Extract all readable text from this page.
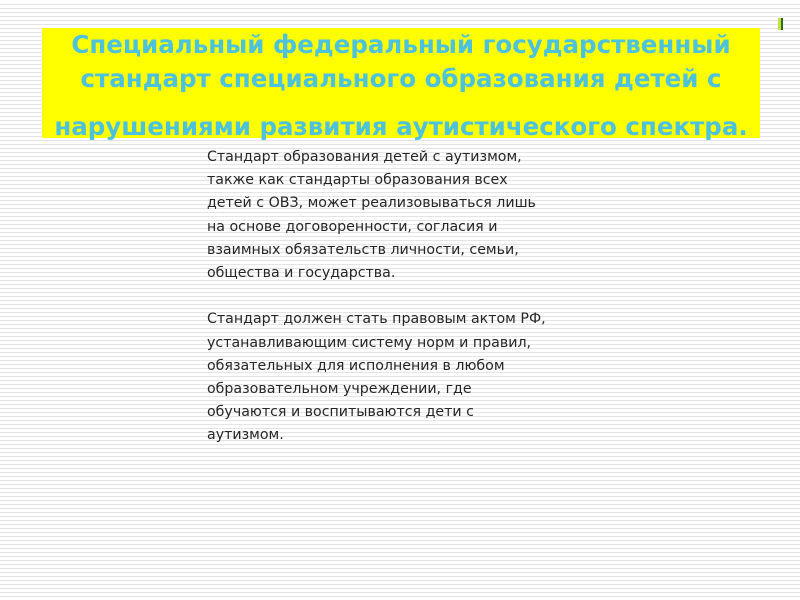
Специальный федеральный государственный
стандарт специального образования детей с
нарушениями развития аутистического спектра.

Стандарт образования детей с аутизмом,
также как стандарты образования всех
детей с ОВЗ, может реализовываться лишь
на основе договоренности, согласия и
взаимных обязательств личности, семьи,
общества и государства.

Стандарт должен стать правовым актом РФ,
устанавливающим систему норм и правил,
обязательных для исполнения в любом
образовательном учреждении, где
обучаются и воспитываются дети с
аутизмом.
